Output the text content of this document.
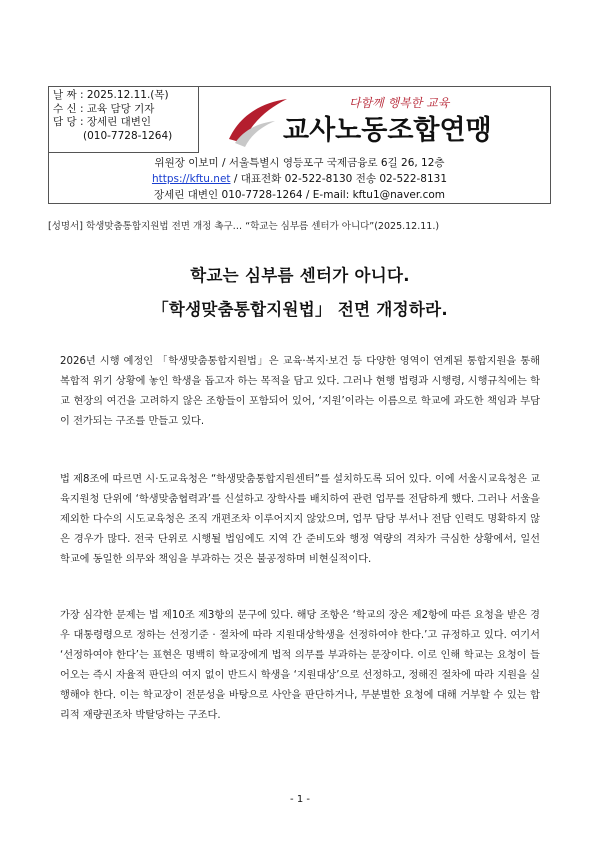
날 짜 : 2025.12.11.(목)
수 신 : 교육 담당 기자
담 당 : 장세린 대변인
(010-7728-1264)
다함께 행복한 교육
교사노동조합연맹
위원장 이보미 / 서울특별시 영등포구 국제금융로 6길 26, 12층
https://kftu.net / 대표전화 02-522-8130 전송 02-522-8131
장세린 대변인 010-7728-1264 / E-mail: kftu1@naver.com
[성명서] 학생맞춤통합지원법 전면 개정 촉구… “학교는 심부름 센터가 아니다”(2025.12.11.)
학교는 심부름 센터가 아니다.
「학생맞춤통합지원법」 전면 개정하라.

2026년 시행 예정인 「학생맞춤통합지원법」은 교육·복지·보건 등 다양한 영역이 연계된 통합지원을 통해 복합적 위기 상황에 놓인 학생을 돕고자 하는 목적을 담고 있다. 그러나 현행 법령과 시행령, 시행규칙에는 학교 현장의 여건을 고려하지 않은 조항들이 포함되어 있어, ‘지원’이라는 이름으로 학교에 과도한 책임과 부담이 전가되는 구조를 만들고 있다.

법 제8조에 따르면 시·도교육청은 “학생맞춤통합지원센터”를 설치하도록 되어 있다. 이에 서울시교육청은 교육지원청 단위에 ‘학생맞춤협력과’를 신설하고 장학사를 배치하여 관련 업무를 전담하게 했다. 그러나 서울을 제외한 다수의 시도교육청은 조직 개편조차 이루어지지 않았으며, 업무 담당 부서나 전담 인력도 명확하지 않은 경우가 많다. 전국 단위로 시행될 법임에도 지역 간 준비도와 행정 역량의 격차가 극심한 상황에서, 일선 학교에 동일한 의무와 책임을 부과하는 것은 불공정하며 비현실적이다.

가장 심각한 문제는 법 제10조 제3항의 문구에 있다. 해당 조항은 ‘학교의 장은 제2항에 따른 요청을 받은 경우 대통령령으로 정하는 선정기준 · 절차에 따라 지원대상학생을 선정하여야 한다.’고 규정하고 있다. 여기서 ‘선정하여야 한다’는 표현은 명백히 학교장에게 법적 의무를 부과하는 문장이다. 이로 인해 학교는 요청이 들어오는 즉시 자율적 판단의 여지 없이 반드시 학생을 ‘지원대상’으로 선정하고, 정해진 절차에 따라 지원을 실행해야 한다. 이는 학교장이 전문성을 바탕으로 사안을 판단하거나, 무분별한 요청에 대해 거부할 수 있는 합리적 재량권조차 박탈당하는 구조다.

- 1 -
